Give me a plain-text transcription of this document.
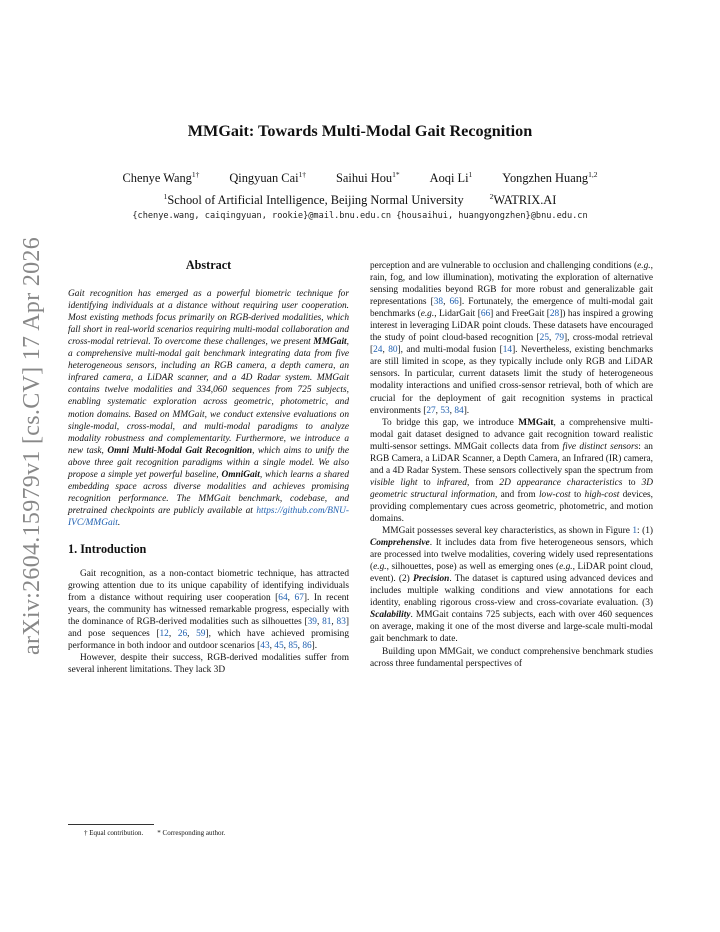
arXiv:2604.15979v1 [cs.CV] 17 Apr 2026
MMGait: Towards Multi-Modal Gait Recognition
Chenye Wang$^{1\dagger}$ Qingyuan Cai$^{1\dagger}$ Saihui Hou$^{1*}$ Aoqi Li$^1$ Yongzhen Huang$^{1,2}$
$^1$School of Artificial Intelligence, Beijing Normal University	$^2$WATRIX.AI
{chenye.wang, caiqingyuan, rookie}@mail.bnu.edu.cn {housaihui, huangyongzhen}@bnu.edu.cn
Abstract

Gait recognition has emerged as a powerful biometric technique for identifying individuals at a distance without requiring user cooperation. Most existing methods focus primarily on RGB-derived modalities, which fall short in real-world scenarios requiring multi-modal collaboration and cross-modal retrieval. To overcome these challenges, we present MMGait, a comprehensive multi-modal gait benchmark integrating data from five heterogeneous sensors, including an RGB camera, a depth camera, an infrared camera, a LiDAR scanner, and a 4D Radar system. MMGait contains twelve modalities and 334,060 sequences from 725 subjects, enabling systematic exploration across geometric, photometric, and motion domains. Based on MMGait, we conduct extensive evaluations on single-modal, cross-modal, and multi-modal paradigms to analyze modality robustness and complementarity. Furthermore, we introduce a new task, Omni Multi-Modal Gait Recognition, which aims to unify the above three gait recognition paradigms within a single model. We also propose a simple yet powerful baseline, OmniGait, which learns a shared embedding space across diverse modalities and achieves promising recognition performance. The MMGait benchmark, codebase, and pretrained checkpoints are publicly available at https://github.com/BNU-IVC/MMGait.

1. Introduction

Gait recognition, as a non-contact biometric technique, has attracted growing attention due to its unique capability of identifying individuals from a distance without requiring user cooperation [64, 67]. In recent years, the community has witnessed remarkable progress, especially with the dominance of RGB-derived modalities such as silhouettes [39, 81, 83] and pose sequences [12, 26, 59], which have achieved promising performance in both indoor and outdoor scenarios [43, 45, 85, 86].

However, despite their success, RGB-derived modalities suffer from several inherent limitations. They lack 3D

† Equal contribution. * Corresponding author.

perception and are vulnerable to occlusion and challenging conditions (e.g., rain, fog, and low illumination), motivating the exploration of alternative sensing modalities beyond RGB for more robust and generalizable gait representations [38, 66]. Fortunately, the emergence of multi-modal gait benchmarks (e.g., LidarGait [66] and FreeGait [28]) has inspired a growing interest in leveraging LiDAR point clouds. These datasets have encouraged the study of point cloud-based recognition [25, 79], cross-modal retrieval [24, 80], and multi-modal fusion [14]. Nevertheless, existing benchmarks are still limited in scope, as they typically include only RGB and LiDAR sensors. In particular, current datasets limit the study of heterogeneous modality interactions and unified cross-sensor retrieval, both of which are crucial for the deployment of gait recognition systems in practical environments [27, 53, 84].

To bridge this gap, we introduce MMGait, a comprehensive multi-modal gait dataset designed to advance gait recognition toward realistic multi-sensor settings. MMGait collects data from five distinct sensors: an RGB Camera, a LiDAR Scanner, a Depth Camera, an Infrared (IR) camera, and a 4D Radar System. These sensors collectively span the spectrum from visible light to infrared, from 2D appearance characteristics to 3D geometric structural information, and from low-cost to high-cost devices, providing complementary cues across geometric, photometric, and motion domains.

MMGait possesses several key characteristics, as shown in Figure 1: (1) Comprehensive. It includes data from five heterogeneous sensors, which are processed into twelve modalities, covering widely used representations (e.g., silhouettes, pose) as well as emerging ones (e.g., LiDAR point cloud, event). (2) Precision. The dataset is captured using advanced devices and includes multiple walking conditions and view annotations for each identity, enabling rigorous cross-view and cross-covariate evaluation. (3) Scalability. MMGait contains 725 subjects, each with over 460 sequences on average, making it one of the most diverse and large-scale multi-modal gait benchmark to date.

Building upon MMGait, we conduct comprehensive benchmark studies across three fundamental perspectives of
